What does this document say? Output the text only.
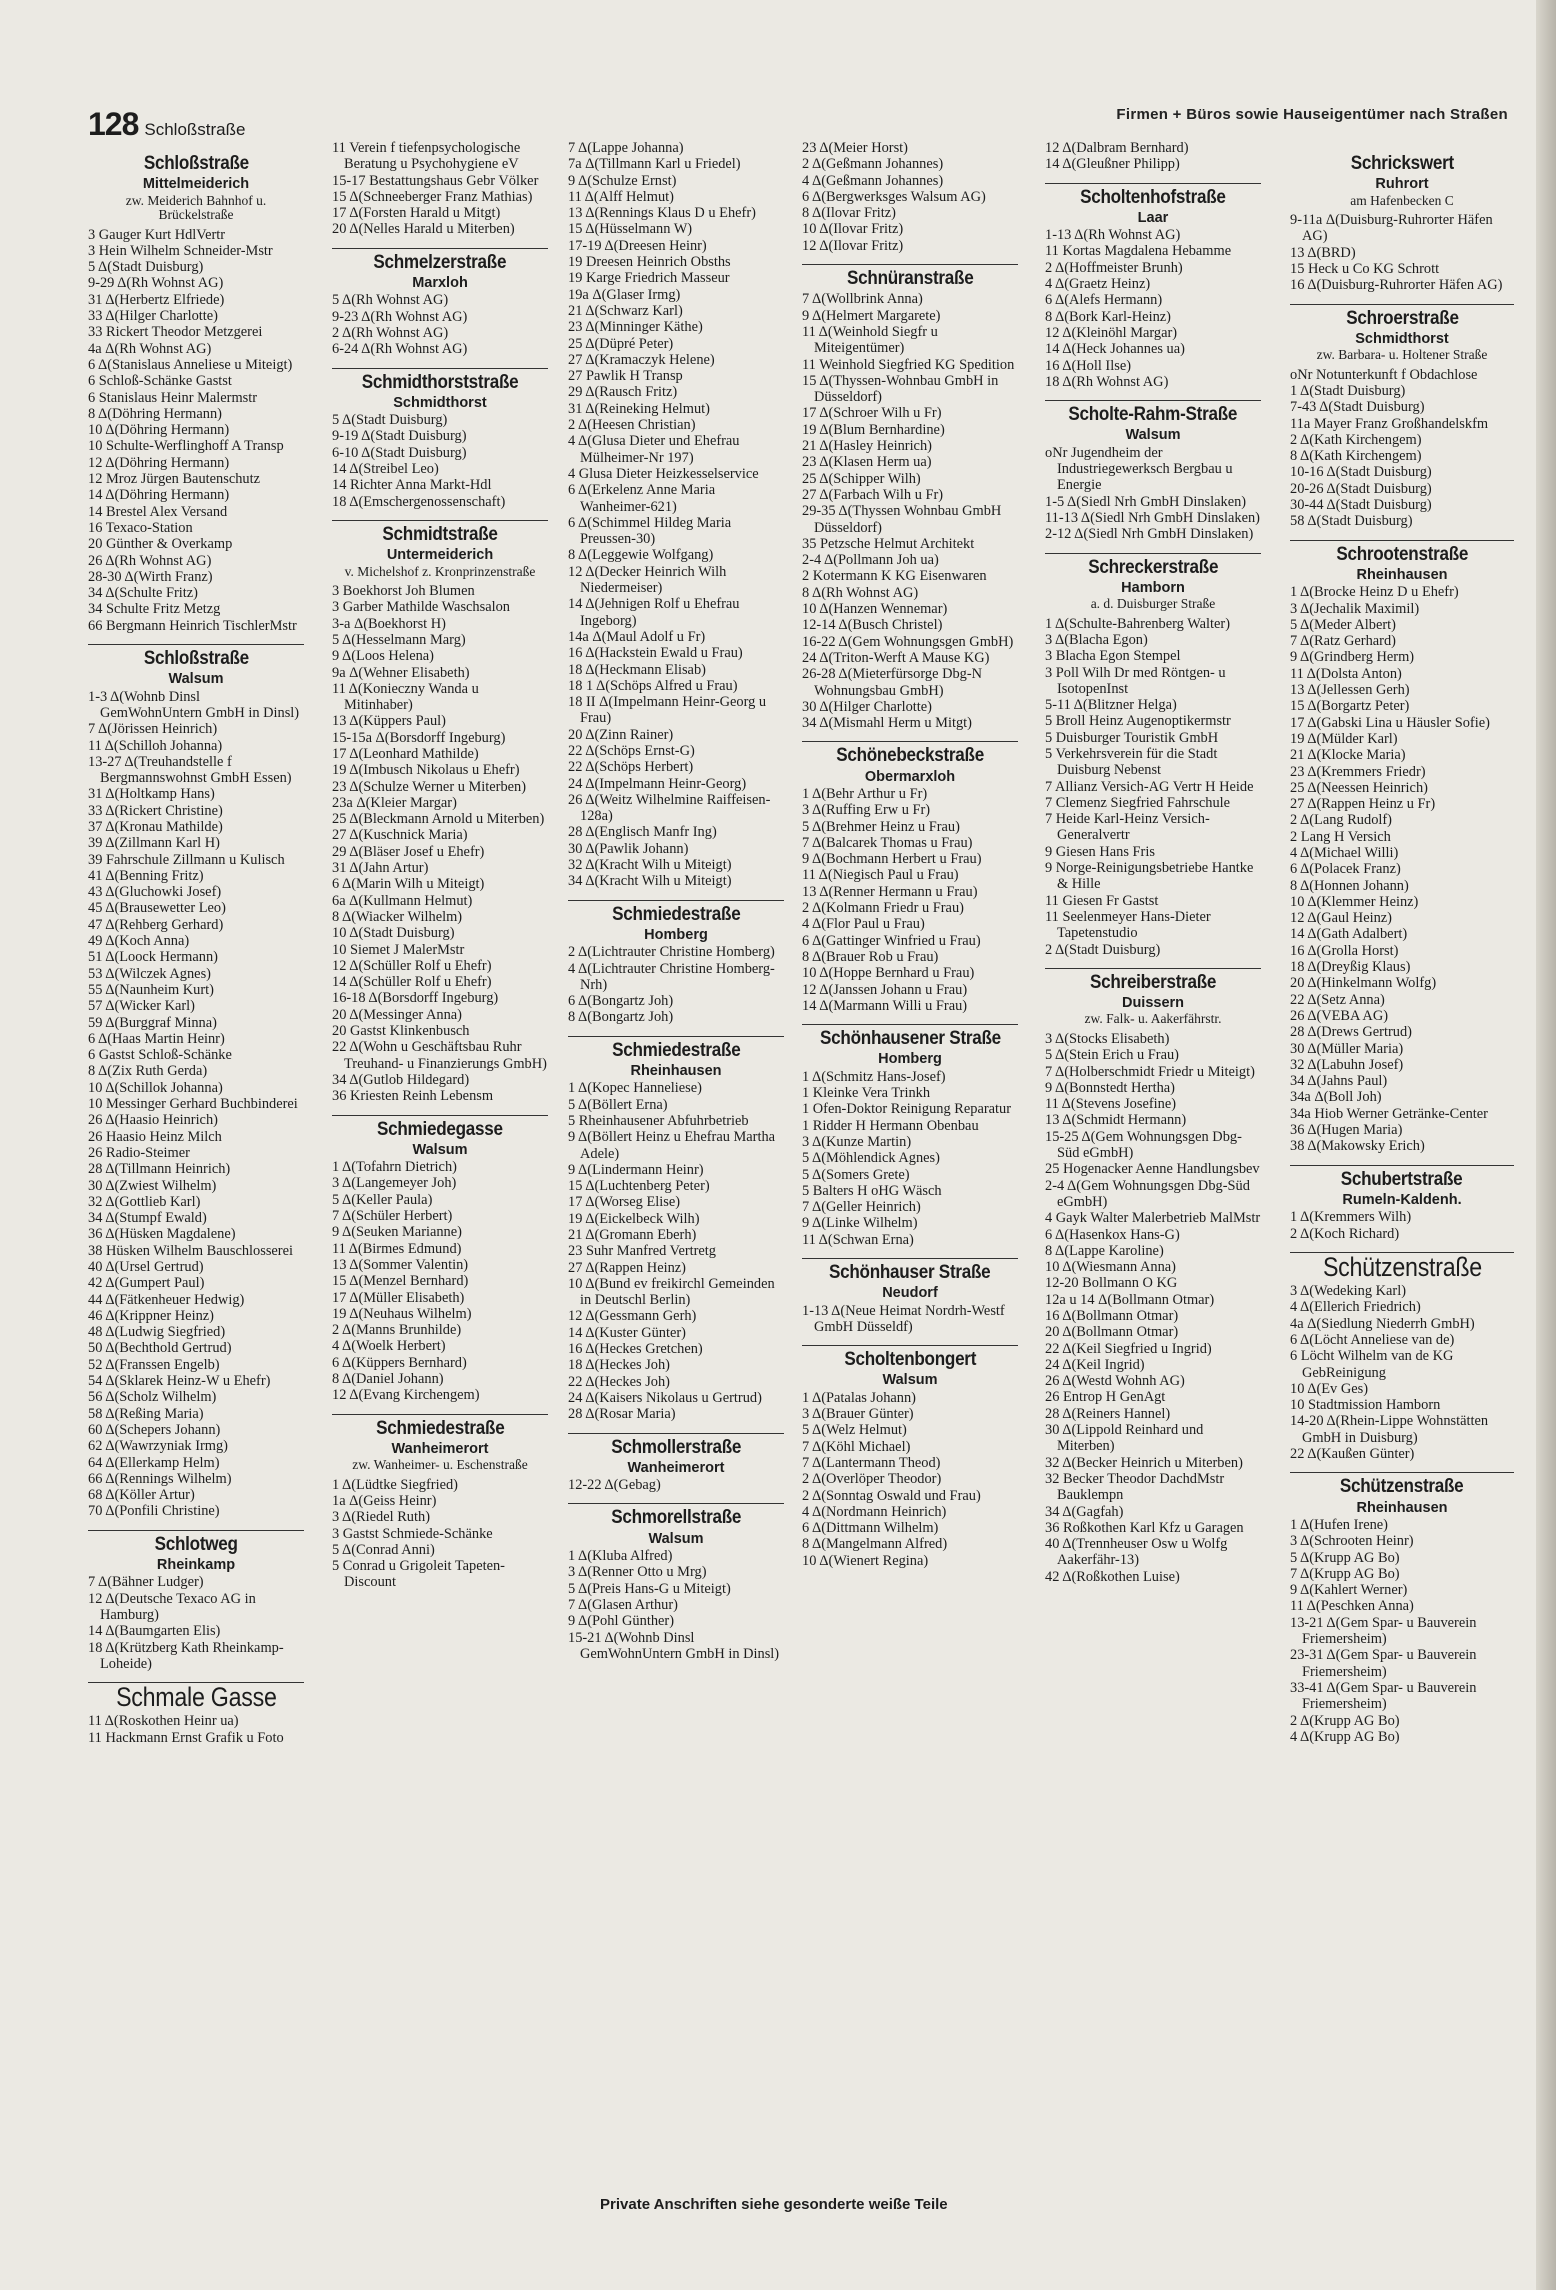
128 Schloßstraße
Firmen + Büros sowie Hauseigentümer nach Straßen
Schloßstraße
Mittelmeiderich
zw. Meiderich Bahnhof u. Brückelstraße
3 Gauger Kurt HdlVertr
3 Hein Wilhelm Schneider-Mstr
5 Δ(Stadt Duisburg)
9-29 Δ(Rh Wohnst AG)
31 Δ(Herbertz Elfriede)
33 Δ(Hilger Charlotte)
33 Rickert Theodor Metzgerei
4a Δ(Rh Wohnst AG)
6 Δ(Stanislaus Anneliese u Miteigt)
6 Schloß-Schänke Gastst
6 Stanislaus Heinr Malermstr
8 Δ(Döhring Hermann)
10 Δ(Döhring Hermann)
10 Schulte-Werflinghoff A Transp
12 Δ(Döhring Hermann)
12 Mroz Jürgen Bautenschutz
14 Δ(Döhring Hermann)
14 Brestel Alex Versand
16 Texaco-Station
20 Günther & Overkamp
26 Δ(Rh Wohnst AG)
28-30 Δ(Wirth Franz)
34 Δ(Schulte Fritz)
34 Schulte Fritz Metzg
66 Bergmann Heinrich TischlerMstr
Schloßstraße
Walsum
1-3 Δ(Wohnb Dinsl GemWohnUntern GmbH in Dinsl)
7 Δ(Jörissen Heinrich)
11 Δ(Schilloh Johanna)
13-27 Δ(Treuhandstelle f Bergmannswohnst GmbH Essen)
31 Δ(Holtkamp Hans)
33 Δ(Rickert Christine)
37 Δ(Kronau Mathilde)
39 Δ(Zillmann Karl H)
39 Fahrschule Zillmann u Kulisch
41 Δ(Benning Fritz)
43 Δ(Gluchowki Josef)
45 Δ(Brausewetter Leo)
47 Δ(Rehberg Gerhard)
49 Δ(Koch Anna)
51 Δ(Loock Hermann)
53 Δ(Wilczek Agnes)
55 Δ(Naunheim Kurt)
57 Δ(Wicker Karl)
59 Δ(Burggraf Minna)
6 Δ(Haas Martin Heinr)
6 Gastst Schloß-Schänke
8 Δ(Zix Ruth Gerda)
10 Δ(Schillok Johanna)
10 Messinger Gerhard Buchbinderei
26 Δ(Haasio Heinrich)
26 Haasio Heinz Milch
26 Radio-Steimer
28 Δ(Tillmann Heinrich)
30 Δ(Zwiest Wilhelm)
32 Δ(Gottlieb Karl)
34 Δ(Stumpf Ewald)
36 Δ(Hüsken Magdalene)
38 Hüsken Wilhelm Bauschlosserei
40 Δ(Ursel Gertrud)
42 Δ(Gumpert Paul)
44 Δ(Fätkenheuer Hedwig)
46 Δ(Krippner Heinz)
48 Δ(Ludwig Siegfried)
50 Δ(Bechthold Gertrud)
52 Δ(Franssen Engelb)
54 Δ(Sklarek Heinz-W u Ehefr)
56 Δ(Scholz Wilhelm)
58 Δ(Reßing Maria)
60 Δ(Schepers Johann)
62 Δ(Wawrzyniak Irmg)
64 Δ(Ellerkamp Helm)
66 Δ(Rennings Wilhelm)
68 Δ(Köller Artur)
70 Δ(Ponfili Christine)
Schlotweg
Rheinkamp
7 Δ(Bähner Ludger)
12 Δ(Deutsche Texaco AG in Hamburg)
14 Δ(Baumgarten Elis)
18 Δ(Krützberg Kath Rheinkamp-Loheide)
Schmale Gasse
11 Δ(Roskothen Heinr ua)
11 Hackmann Ernst Grafik u Foto
11 Verein f tiefenpsychologische Beratung u Psychohygiene eV
15-17 Bestattungshaus Gebr Völker
15 Δ(Schneeberger Franz Mathias)
17 Δ(Forsten Harald u Mitgt)
20 Δ(Nelles Harald u Miterben)
Schmelzerstraße
Marxloh
5 Δ(Rh Wohnst AG)
9-23 Δ(Rh Wohnst AG)
2 Δ(Rh Wohnst AG)
6-24 Δ(Rh Wohnst AG)
Schmidthorststraße
Schmidthorst
5 Δ(Stadt Duisburg)
9-19 Δ(Stadt Duisburg)
6-10 Δ(Stadt Duisburg)
14 Δ(Streibel Leo)
14 Richter Anna Markt-Hdl
18 Δ(Emschergenossenschaft)
Schmidtstraße
Untermeiderich
v. Michelshof z. Kronprinzenstraße
3 Boekhorst Joh Blumen
3 Garber Mathilde Waschsalon
3-a Δ(Boekhorst H)
5 Δ(Hesselmann Marg)
9 Δ(Loos Helena)
9a Δ(Wehner Elisabeth)
11 Δ(Konieczny Wanda u Mitinhaber)
13 Δ(Küppers Paul)
15-15a Δ(Borsdorff Ingeburg)
17 Δ(Leonhard Mathilde)
19 Δ(Imbusch Nikolaus u Ehefr)
23 Δ(Schulze Werner u Miterben)
23a Δ(Kleier Margar)
25 Δ(Bleckmann Arnold u Miterben)
27 Δ(Kuschnick Maria)
29 Δ(Bläser Josef u Ehefr)
31 Δ(Jahn Artur)
6 Δ(Marin Wilh u Miteigt)
6a Δ(Kullmann Helmut)
8 Δ(Wiacker Wilhelm)
10 Δ(Stadt Duisburg)
10 Siemet J MalerMstr
12 Δ(Schüller Rolf u Ehefr)
14 Δ(Schüller Rolf u Ehefr)
16-18 Δ(Borsdorff Ingeburg)
20 Δ(Messinger Anna)
20 Gastst Klinkenbusch
22 Δ(Wohn u Geschäftsbau Ruhr Treuhand- u Finanzierungs GmbH)
34 Δ(Gutlob Hildegard)
36 Kriesten Reinh Lebensm
Schmiedegasse
Walsum
1 Δ(Tofahrn Dietrich)
3 Δ(Langemeyer Joh)
5 Δ(Keller Paula)
7 Δ(Schüler Herbert)
9 Δ(Seuken Marianne)
11 Δ(Birmes Edmund)
13 Δ(Sommer Valentin)
15 Δ(Menzel Bernhard)
17 Δ(Müller Elisabeth)
19 Δ(Neuhaus Wilhelm)
2 Δ(Manns Brunhilde)
4 Δ(Woelk Herbert)
6 Δ(Küppers Bernhard)
8 Δ(Daniel Johann)
12 Δ(Evang Kirchengem)
Schmiedestraße
Wanheimerort
zw. Wanheimer- u. Eschenstraße
1 Δ(Lüdtke Siegfried)
1a Δ(Geiss Heinr)
3 Δ(Riedel Ruth)
3 Gastst Schmiede-Schänke
5 Δ(Conrad Anni)
5 Conrad u Grigoleit Tapeten-Discount
7 Δ(Lappe Johanna)
7a Δ(Tillmann Karl u Friedel)
9 Δ(Schulze Ernst)
11 Δ(Alff Helmut)
13 Δ(Rennings Klaus D u Ehefr)
15 Δ(Hüsselmann W)
17-19 Δ(Dreesen Heinr)
19 Dreesen Heinrich Obsths
19 Karge Friedrich Masseur
19a Δ(Glaser Irmg)
21 Δ(Schwarz Karl)
23 Δ(Minninger Käthe)
25 Δ(Düpré Peter)
27 Δ(Kramaczyk Helene)
27 Pawlik H Transp
29 Δ(Rausch Fritz)
31 Δ(Reineking Helmut)
2 Δ(Heesen Christian)
4 Δ(Glusa Dieter und Ehefrau Mülheimer-Nr 197)
4 Glusa Dieter Heizkesselservice
6 Δ(Erkelenz Anne Maria Wanheimer-621)
6 Δ(Schimmel Hildeg Maria Preussen-30)
8 Δ(Leggewie Wolfgang)
12 Δ(Decker Heinrich Wilh Niedermeiser)
14 Δ(Jehnigen Rolf u Ehefrau Ingeborg)
14a Δ(Maul Adolf u Fr)
16 Δ(Hackstein Ewald u Frau)
18 Δ(Heckmann Elisab)
18 1 Δ(Schöps Alfred u Frau)
18 II Δ(Impelmann Heinr-Georg u Frau)
20 Δ(Zinn Rainer)
22 Δ(Schöps Ernst-G)
22 Δ(Schöps Herbert)
24 Δ(Impelmann Heinr-Georg)
26 Δ(Weitz Wilhelmine Raiffeisen-128a)
28 Δ(Englisch Manfr Ing)
30 Δ(Pawlik Johann)
32 Δ(Kracht Wilh u Miteigt)
34 Δ(Kracht Wilh u Miteigt)
Schmiedestraße
Homberg
2 Δ(Lichtrauter Christine Homberg)
4 Δ(Lichtrauter Christine Homberg-Nrh)
6 Δ(Bongartz Joh)
8 Δ(Bongartz Joh)
Schmiedestraße
Rheinhausen
1 Δ(Kopec Hanneliese)
5 Δ(Böllert Erna)
5 Rheinhausener Abfuhrbetrieb
9 Δ(Böllert Heinz u Ehefrau Martha Adele)
9 Δ(Lindermann Heinr)
15 Δ(Luchtenberg Peter)
17 Δ(Worseg Elise)
19 Δ(Eickelbeck Wilh)
21 Δ(Gromann Eberh)
23 Suhr Manfred Vertretg
27 Δ(Rappen Heinz)
10 Δ(Bund ev freikirchl Gemeinden in Deutschl Berlin)
12 Δ(Gessmann Gerh)
14 Δ(Kuster Günter)
16 Δ(Heckes Gretchen)
18 Δ(Heckes Joh)
22 Δ(Heckes Joh)
24 Δ(Kaisers Nikolaus u Gertrud)
28 Δ(Rosar Maria)
Schmollerstraße
Wanheimerort
12-22 Δ(Gebag)
Schmorellstraße
Walsum
1 Δ(Kluba Alfred)
3 Δ(Renner Otto u Mrg)
5 Δ(Preis Hans-G u Miteigt)
7 Δ(Glasen Arthur)
9 Δ(Pohl Günther)
15-21 Δ(Wohnb Dinsl GemWohnUntern GmbH in Dinsl)
23 Δ(Meier Horst)
2 Δ(Geßmann Johannes)
4 Δ(Geßmann Johannes)
6 Δ(Bergwerksges Walsum AG)
8 Δ(Ilovar Fritz)
10 Δ(Ilovar Fritz)
12 Δ(Ilovar Fritz)
Schnüranstraße
7 Δ(Wollbrink Anna)
9 Δ(Helmert Margarete)
11 Δ(Weinhold Siegfr u Miteigentümer)
11 Weinhold Siegfried KG Spedition
15 Δ(Thyssen-Wohnbau GmbH in Düsseldorf)
17 Δ(Schroer Wilh u Fr)
19 Δ(Blum Bernhardine)
21 Δ(Hasley Heinrich)
23 Δ(Klasen Herm ua)
25 Δ(Schipper Wilh)
27 Δ(Farbach Wilh u Fr)
29-35 Δ(Thyssen Wohnbau GmbH Düsseldorf)
35 Petzsche Helmut Architekt
2-4 Δ(Pollmann Joh ua)
2 Kotermann K KG Eisenwaren
8 Δ(Rh Wohnst AG)
10 Δ(Hanzen Wennemar)
12-14 Δ(Busch Christel)
16-22 Δ(Gem Wohnungsgen GmbH)
24 Δ(Triton-Werft A Mause KG)
26-28 Δ(Mieterfürsorge Dbg-N Wohnungsbau GmbH)
30 Δ(Hilger Charlotte)
34 Δ(Mismahl Herm u Mitgt)
Schönebeckstraße
Obermarxloh
1 Δ(Behr Arthur u Fr)
3 Δ(Ruffing Erw u Fr)
5 Δ(Brehmer Heinz u Frau)
7 Δ(Balcarek Thomas u Frau)
9 Δ(Bochmann Herbert u Frau)
11 Δ(Niegisch Paul u Frau)
13 Δ(Renner Hermann u Frau)
2 Δ(Kolmann Friedr u Frau)
4 Δ(Flor Paul u Frau)
6 Δ(Gattinger Winfried u Frau)
8 Δ(Brauer Rob u Frau)
10 Δ(Hoppe Bernhard u Frau)
12 Δ(Janssen Johann u Frau)
14 Δ(Marmann Willi u Frau)
Schönhausener Straße
Homberg
1 Δ(Schmitz Hans-Josef)
1 Kleinke Vera Trinkh
1 Ofen-Doktor Reinigung Reparatur
1 Ridder H Hermann Obenbau
3 Δ(Kunze Martin)
5 Δ(Möhlendick Agnes)
5 Δ(Somers Grete)
5 Balters H oHG Wäsch
7 Δ(Geller Heinrich)
9 Δ(Linke Wilhelm)
11 Δ(Schwan Erna)
Schönhauser Straße
Neudorf
1-13 Δ(Neue Heimat Nordrh-Westf GmbH Düsseldf)
Scholtenbongert
Walsum
1 Δ(Patalas Johann)
3 Δ(Brauer Günter)
5 Δ(Welz Helmut)
7 Δ(Köhl Michael)
7 Δ(Lantermann Theod)
2 Δ(Overlöper Theodor)
2 Δ(Sonntag Oswald und Frau)
4 Δ(Nordmann Heinrich)
6 Δ(Dittmann Wilhelm)
8 Δ(Mangelmann Alfred)
10 Δ(Wienert Regina)
12 Δ(Dalbram Bernhard)
14 Δ(Gleußner Philipp)
Scholtenhofstraße
Laar
1-13 Δ(Rh Wohnst AG)
11 Kortas Magdalena Hebamme
2 Δ(Hoffmeister Brunh)
4 Δ(Graetz Heinz)
6 Δ(Alefs Hermann)
8 Δ(Bork Karl-Heinz)
12 Δ(Kleinöhl Margar)
14 Δ(Heck Johannes ua)
16 Δ(Holl Ilse)
18 Δ(Rh Wohnst AG)
Scholte-Rahm-Straße
Walsum
oNr Jugendheim der Industriegewerksch Bergbau u Energie
1-5 Δ(Siedl Nrh GmbH Dinslaken)
11-13 Δ(Siedl Nrh GmbH Dinslaken)
2-12 Δ(Siedl Nrh GmbH Dinslaken)
Schreckerstraße
Hamborn
a. d. Duisburger Straße
1 Δ(Schulte-Bahrenberg Walter)
3 Δ(Blacha Egon)
3 Blacha Egon Stempel
3 Poll Wilh Dr med Röntgen- u IsotopenInst
5-11 Δ(Blitzner Helga)
5 Broll Heinz Augenoptikermstr
5 Duisburger Touristik GmbH
5 Verkehrsverein für die Stadt Duisburg Nebenst
7 Allianz Versich-AG Vertr H Heide
7 Clemenz Siegfried Fahrschule
7 Heide Karl-Heinz Versich-Generalvertr
9 Giesen Hans Fris
9 Norge-Reinigungsbetriebe Hantke & Hille
11 Giesen Fr Gastst
11 Seelenmeyer Hans-Dieter Tapetenstudio
2 Δ(Stadt Duisburg)
Schreiberstraße
Duissern
zw. Falk- u. Aakerfährstr.
3 Δ(Stocks Elisabeth)
5 Δ(Stein Erich u Frau)
7 Δ(Holberschmidt Friedr u Miteigt)
9 Δ(Bonnstedt Hertha)
11 Δ(Stevens Josefine)
13 Δ(Schmidt Hermann)
15-25 Δ(Gem Wohnungsgen Dbg-Süd eGmbH)
25 Hogenacker Aenne Handlungsbev
2-4 Δ(Gem Wohnungsgen Dbg-Süd eGmbH)
4 Gayk Walter Malerbetrieb MalMstr
6 Δ(Hasenkox Hans-G)
8 Δ(Lappe Karoline)
10 Δ(Wiesmann Anna)
12-20 Bollmann O KG
12a u 14 Δ(Bollmann Otmar)
16 Δ(Bollmann Otmar)
20 Δ(Bollmann Otmar)
22 Δ(Keil Siegfried u Ingrid)
24 Δ(Keil Ingrid)
26 Δ(Westd Wohnh AG)
26 Entrop H GenAgt
28 Δ(Reiners Hannel)
30 Δ(Lippold Reinhard und Miterben)
32 Δ(Becker Heinrich u Miterben)
32 Becker Theodor DachdMstr Bauklempn
34 Δ(Gagfah)
36 Roßkothen Karl Kfz u Garagen
40 Δ(Trennheuser Osw u Wolfg Aakerfähr-13)
42 Δ(Roßkothen Luise)
Schrickswert
Ruhrort
am Hafenbecken C
9-11a Δ(Duisburg-Ruhrorter Häfen AG)
13 Δ(BRD)
15 Heck u Co KG Schrott
16 Δ(Duisburg-Ruhrorter Häfen AG)
Schroerstraße
Schmidthorst
zw. Barbara- u. Holtener Straße
oNr Notunterkunft f Obdachlose
1 Δ(Stadt Duisburg)
7-43 Δ(Stadt Duisburg)
11a Mayer Franz Großhandelskfm
2 Δ(Kath Kirchengem)
8 Δ(Kath Kirchengem)
10-16 Δ(Stadt Duisburg)
20-26 Δ(Stadt Duisburg)
30-44 Δ(Stadt Duisburg)
58 Δ(Stadt Duisburg)
Schrootenstraße
Rheinhausen
1 Δ(Brocke Heinz D u Ehefr)
3 Δ(Jechalik Maximil)
5 Δ(Meder Albert)
7 Δ(Ratz Gerhard)
9 Δ(Grindberg Herm)
11 Δ(Dolsta Anton)
13 Δ(Jellessen Gerh)
15 Δ(Borgartz Peter)
17 Δ(Gabski Lina u Häusler Sofie)
19 Δ(Mülder Karl)
21 Δ(Klocke Maria)
23 Δ(Kremmers Friedr)
25 Δ(Neessen Heinrich)
27 Δ(Rappen Heinz u Fr)
2 Δ(Lang Rudolf)
2 Lang H Versich
4 Δ(Michael Willi)
6 Δ(Polacek Franz)
8 Δ(Honnen Johann)
10 Δ(Klemmer Heinz)
12 Δ(Gaul Heinz)
14 Δ(Gath Adalbert)
16 Δ(Grolla Horst)
18 Δ(Dreyßig Klaus)
20 Δ(Hinkelmann Wolfg)
22 Δ(Setz Anna)
26 Δ(VEBA AG)
28 Δ(Drews Gertrud)
30 Δ(Müller Maria)
32 Δ(Labuhn Josef)
34 Δ(Jahns Paul)
34a Δ(Boll Joh)
34a Hiob Werner Getränke-Center
36 Δ(Hugen Maria)
38 Δ(Makowsky Erich)
Schubertstraße
Rumeln-Kaldenh.
1 Δ(Kremmers Wilh)
2 Δ(Koch Richard)
Schützenstraße
3 Δ(Wedeking Karl)
4 Δ(Ellerich Friedrich)
4a Δ(Siedlung Niederrh GmbH)
6 Δ(Löcht Anneliese van de)
6 Löcht Wilhelm van de KG GebReinigung
10 Δ(Ev Ges)
10 Stadtmission Hamborn
14-20 Δ(Rhein-Lippe Wohnstätten GmbH in Duisburg)
22 Δ(Kaußen Günter)
Schützenstraße
Rheinhausen
1 Δ(Hufen Irene)
3 Δ(Schrooten Heinr)
5 Δ(Krupp AG Bo)
7 Δ(Krupp AG Bo)
9 Δ(Kahlert Werner)
11 Δ(Peschken Anna)
13-21 Δ(Gem Spar- u Bauverein Friemersheim)
23-31 Δ(Gem Spar- u Bauverein Friemersheim)
33-41 Δ(Gem Spar- u Bauverein Friemersheim)
2 Δ(Krupp AG Bo)
4 Δ(Krupp AG Bo)
Private Anschriften siehe gesonderte weiße Teile
